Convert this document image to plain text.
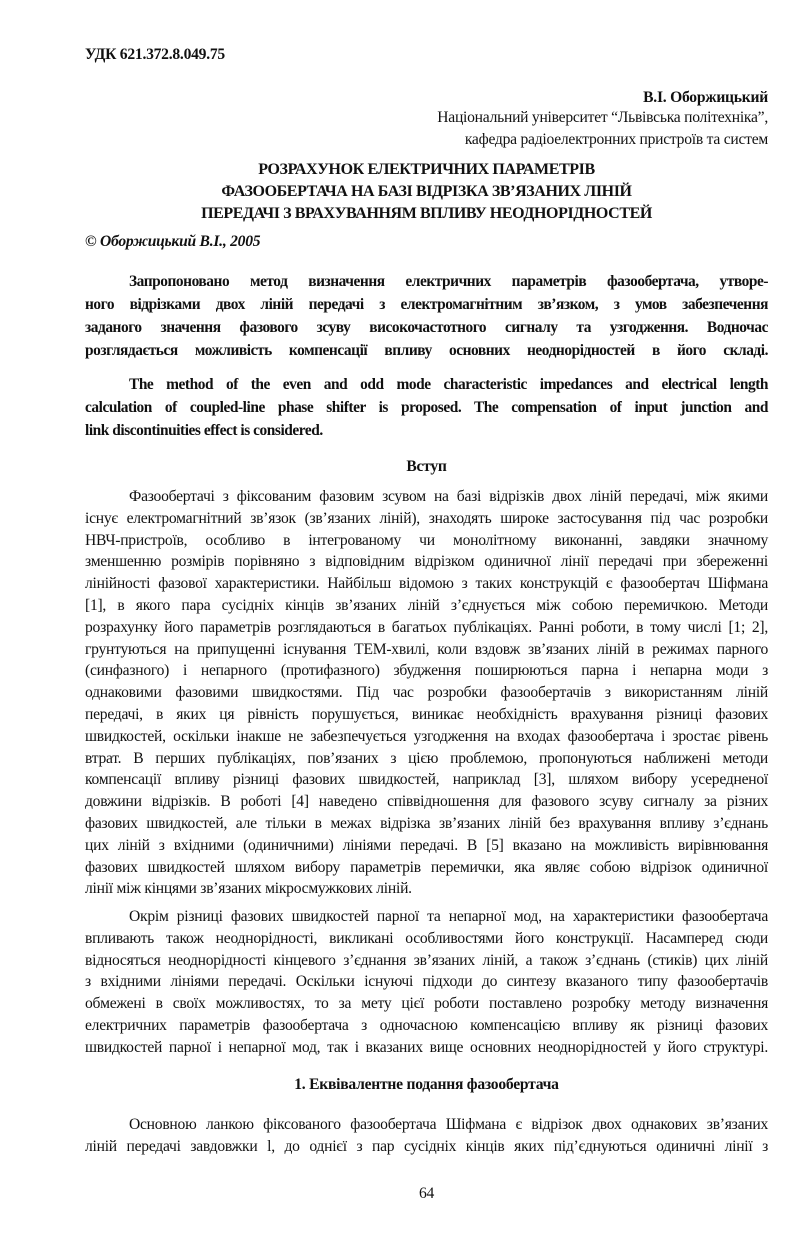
УДК 621.372.8.049.75
В.І. Оборжицький
Національний університет “Львівська політехніка”,
кафедра радіоелектронних пристроїв та систем
РОЗРАХУНОК ЕЛЕКТРИЧНИХ ПАРАМЕТРІВ
ФАЗООБЕРТАЧА НА БАЗІ ВІДРІЗКА ЗВ’ЯЗАНИХ ЛІНІЙ
ПЕРЕДАЧІ З ВРАХУВАННЯМ ВПЛИВУ НЕОДНОРІДНОСТЕЙ
© Оборжицький В.І., 2005
Запропоновано метод визначення електричних параметрів фазообертача, утворе-
ного відрізками двох ліній передачі з електромагнітним зв’язком, з умов забезпечення
заданого значення фазового зсуву високочастотного сигналу та узгодження. Водночас
розглядається можливість компенсації впливу основних неоднорідностей в його складі.
The method of the even and odd mode characteristic impedances and electrical length
calculation of coupled-line phase shifter is proposed. The compensation of input junction and
link discontinuities effect is considered.
Вступ
Фазообертачі з фіксованим фазовим зсувом на базі відрізків двох ліній передачі, між якими
існує електромагнітний зв’язок (зв’язаних ліній), знаходять широке застосування під час розробки
НВЧ-пристроїв, особливо в інтегрованому чи монолітному виконанні, завдяки значному
зменшенню розмірів порівняно з відповідним відрізком одиничної лінії передачі при збереженні
лінійності фазової характеристики. Найбільш відомою з таких конструкцій є фазообертач Шіфмана
[1], в якого пара сусідніх кінців зв’язаних ліній з’єднується між собою перемичкою. Методи
розрахунку його параметрів розглядаються в багатьох публікаціях. Ранні роботи, в тому числі [1; 2],
грунтуються на припущенні існування ТЕМ-хвилі, коли вздовж зв’язаних ліній в режимах парного
(синфазного) і непарного (протифазного) збудження поширюються парна і непарна моди з
однаковими фазовими швидкостями. Під час розробки фазообертачів з використанням ліній
передачі, в яких ця рівність порушується, виникає необхідність врахування різниці фазових
швидкостей, оскільки інакше не забезпечується узгодження на входах фазообертача і зростає рівень
втрат. В перших публікаціях, пов’язаних з цією проблемою, пропонуються наближені методи
компенсації впливу різниці фазових швидкостей, наприклад [3], шляхом вибору усередненої
довжини відрізків. В роботі [4] наведено співвідношення для фазового зсуву сигналу за різних
фазових швидкостей, але тільки в межах відрізка зв’язаних ліній без врахування впливу з’єднань
цих ліній з вхідними (одиничними) лініями передачі. В [5] вказано на можливість вирівнювання
фазових швидкостей шляхом вибору параметрів перемички, яка являє собою відрізок одиничної
лінії між кінцями зв’язаних мікросмужкових ліній.
Окрім різниці фазових швидкостей парної та непарної мод, на характеристики фазообертача
впливають також неоднорідності, викликані особливостями його конструкції. Насамперед сюди
відносяться неоднорідності кінцевого з’єднання зв’язаних ліній, а також з’єднань (стиків) цих ліній
з вхідними лініями передачі. Оскільки існуючі підходи до синтезу вказаного типу фазообертачів
обмежені в своїх можливостях, то за мету цієї роботи поставлено розробку методу визначення
електричних параметрів фазообертача з одночасною компенсацією впливу як різниці фазових
швидкостей парної і непарної мод, так і вказаних вище основних неоднорідностей у його структурі.
1. Еквівалентне подання фазообертача
Основною ланкою фіксованого фазообертача Шіфмана є відрізок двох однакових зв’язаних
ліній передачі завдовжки l, до однієї з пар сусідніх кінців яких під’єднуються одиничні лінії з
64
